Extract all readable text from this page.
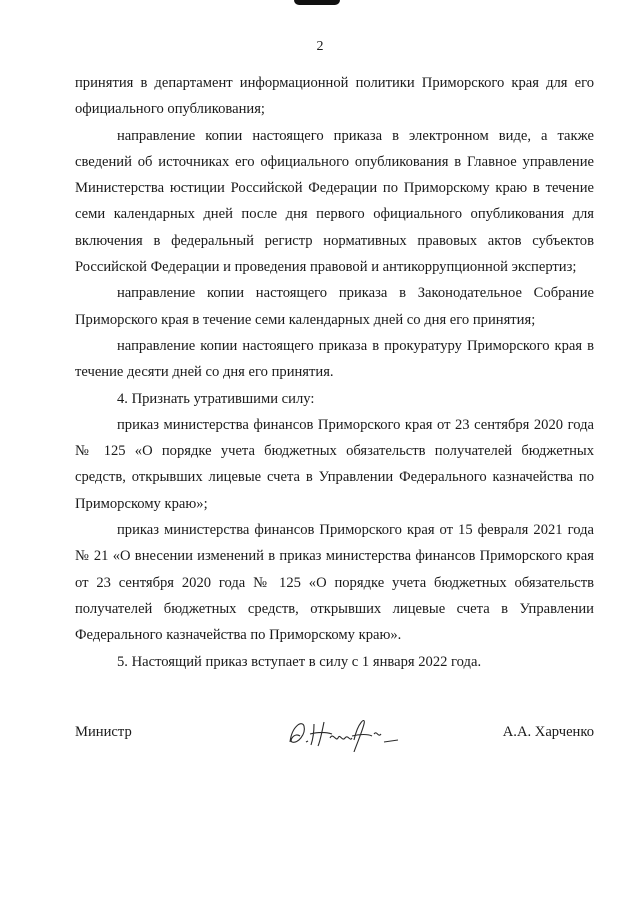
2

принятия в департамент информационной политики Приморского края для его официального опубликования;

направление копии настоящего приказа в электронном виде, а также сведений об источниках его официального опубликования в Главное управление Министерства юстиции Российской Федерации по Приморскому краю в течение семи календарных дней после дня первого официального опубликования для включения в федеральный регистр нормативных правовых актов субъектов Российской Федерации и проведения правовой и антикоррупционной экспертиз;

направление копии настоящего приказа в Законодательное Собрание Приморского края в течение семи календарных дней со дня его принятия;

направление копии настоящего приказа в прокуратуру Приморского края в течение десяти дней со дня его принятия.

4. Признать утратившими силу:

приказ министерства финансов Приморского края от 23 сентября 2020 года № 125 «О порядке учета бюджетных обязательств получателей бюджетных средств, открывших лицевые счета в Управлении Федерального казначейства по Приморскому краю»;

приказ министерства финансов Приморского края от 15 февраля 2021 года № 21 «О внесении изменений в приказ министерства финансов Приморского края от 23 сентября 2020 года № 125 «О порядке учета бюджетных обязательств получателей бюджетных средств, открывших лицевые счета в Управлении Федерального казначейства по Приморскому краю».

5. Настоящий приказ вступает в силу с 1 января 2022 года.

Министр	А.А. Харченко
